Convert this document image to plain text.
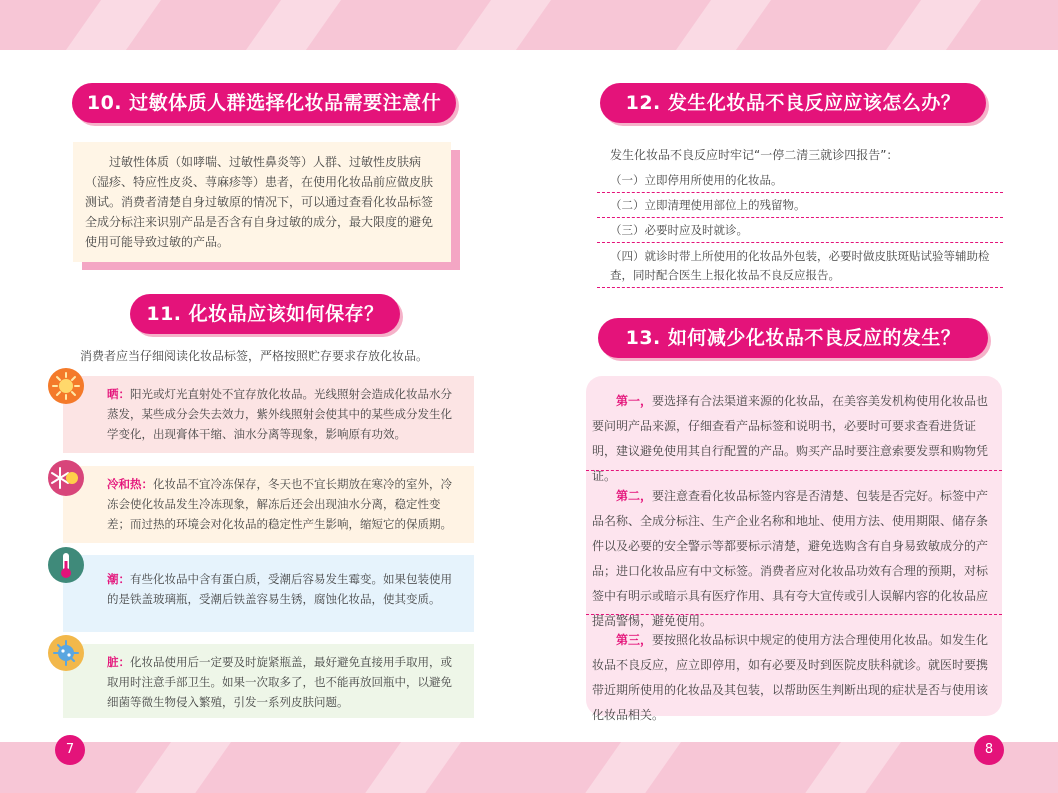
10. 过敏体质人群选择化妆品需要注意什

过敏性体质（如哮喘、过敏性鼻炎等）人群、过敏性皮肤病（湿疹、特应性皮炎、荨麻疹等）患者，在使用化妆品前应做皮肤测试。消费者清楚自身过敏原的情况下，可以通过查看化妆品标签全成分标注来识别产品是否含有自身过敏的成分，最大限度的避免使用可能导致过敏的产品。

11. 化妆品应该如何保存？
消费者应当仔细阅读化妆品标签，严格按照贮存要求存放化妆品。
晒：阳光或灯光直射处不宜存放化妆品。光线照射会造成化妆品水分蒸发，某些成分会失去效力，紫外线照射会使其中的某些成分发生化学变化，出现膏体干缩、油水分离等现象，影响原有功效。
冷和热：化妆品不宜冷冻保存，冬天也不宜长期放在寒冷的室外，冷冻会使化妆品发生冷冻现象，解冻后还会出现油水分离，稳定性变差；而过热的环境会对化妆品的稳定性产生影响，缩短它的保质期。
潮：有些化妆品中含有蛋白质，受潮后容易发生霉变。如果包装使用的是铁盖玻璃瓶，受潮后铁盖容易生锈，腐蚀化妆品，使其变质。
脏：化妆品使用后一定要及时旋紧瓶盖，最好避免直接用手取用，或取用时注意手部卫生。如果一次取多了，也不能再放回瓶中，以避免细菌等微生物侵入繁殖，引发一系列皮肤问题。
7
12. 发生化妆品不良反应应该怎么办？
发生化妆品不良反应时牢记“一停二清三就诊四报告”：
（一）立即停用所使用的化妆品。
（二）立即清理使用部位上的残留物。
（三）必要时应及时就诊。
（四）就诊时带上所使用的化妆品外包装，必要时做皮肤斑贴试验等辅助检查，同时配合医生上报化妆品不良反应报告。
13. 如何减少化妆品不良反应的发生？
第一，要选择有合法渠道来源的化妆品，在美容美发机构使用化妆品也要问明产品来源，仔细查看产品标签和说明书，必要时可要求查看进货证明，建议避免使用其自行配置的产品。购买产品时要注意索要发票和购物凭证。
第二，要注意查看化妆品标签内容是否清楚、包装是否完好。标签中产品名称、全成分标注、生产企业名称和地址、使用方法、使用期限、储存条件以及必要的安全警示等都要标示清楚，避免选购含有自身易致敏成分的产品；进口化妆品应有中文标签。消费者应对化妆品功效有合理的预期，对标签中有明示或暗示具有医疗作用、具有夸大宣传或引人误解内容的化妆品应提高警惕，避免使用。
第三，要按照化妆品标识中规定的使用方法合理使用化妆品。如发生化妆品不良反应，应立即停用，如有必要及时到医院皮肤科就诊。就医时要携带近期所使用的化妆品及其包装，以帮助医生判断出现的症状是否与使用该化妆品相关。
8
